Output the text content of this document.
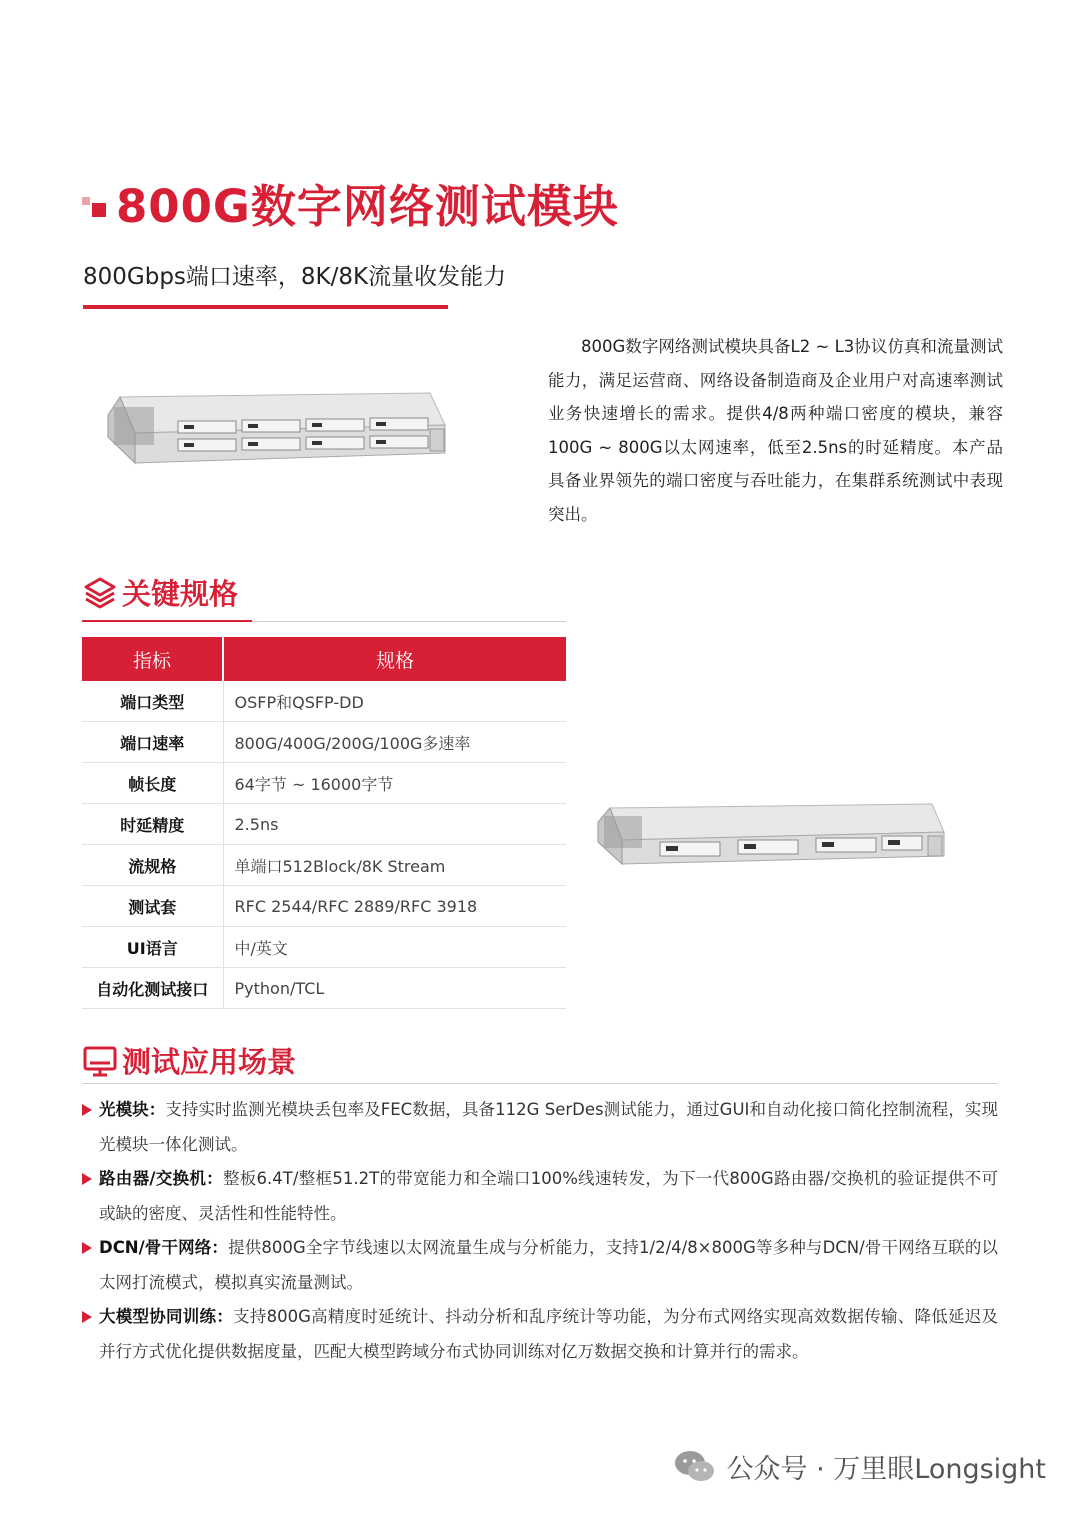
800G数字网络测试模块
800Gbps端口速率，8K/8K流量收发能力
800G数字网络测试模块具备L2 ~ L3协议仿真和流量测试能力，满足运营商、网络设备制造商及企业用户对高速率测试业务快速增长的需求。提供4/8两种端口密度的模块，兼容100G ~ 800G以太网速率，低至2.5ns的时延精度。本产品具备业界领先的端口密度与吞吐能力，在集群系统测试中表现突出。
关键规格
指标	规格
端口类型	OSFP和QSFP-DD
端口速率	800G/400G/200G/100G多速率
帧长度	64字节 ~ 16000字节
时延精度	2.5ns
流规格	单端口512Block/8K Stream
测试套	RFC 2544/RFC 2889/RFC 3918
UI语言	中/英文
自动化测试接口	Python/TCL
测试应用场景
光模块：支持实时监测光模块丢包率及FEC数据，具备112G SerDes测试能力，通过GUI和自动化接口简化控制流程，实现光模块一体化测试。
路由器/交换机：整板6.4T/整框51.2T的带宽能力和全端口100%线速转发，为下一代800G路由器/交换机的验证提供不可或缺的密度、灵活性和性能特性。
DCN/骨干网络：提供800G全字节线速以太网流量生成与分析能力，支持1/2/4/8×800G等多种与DCN/骨干网络互联的以太网打流模式，模拟真实流量测试。
大模型协同训练：支持800G高精度时延统计、抖动分析和乱序统计等功能，为分布式网络实现高效数据传输、降低延迟及并行方式优化提供数据度量，匹配大模型跨域分布式协同训练对亿万数据交换和计算并行的需求。
公众号 · 万里眼Longsight
